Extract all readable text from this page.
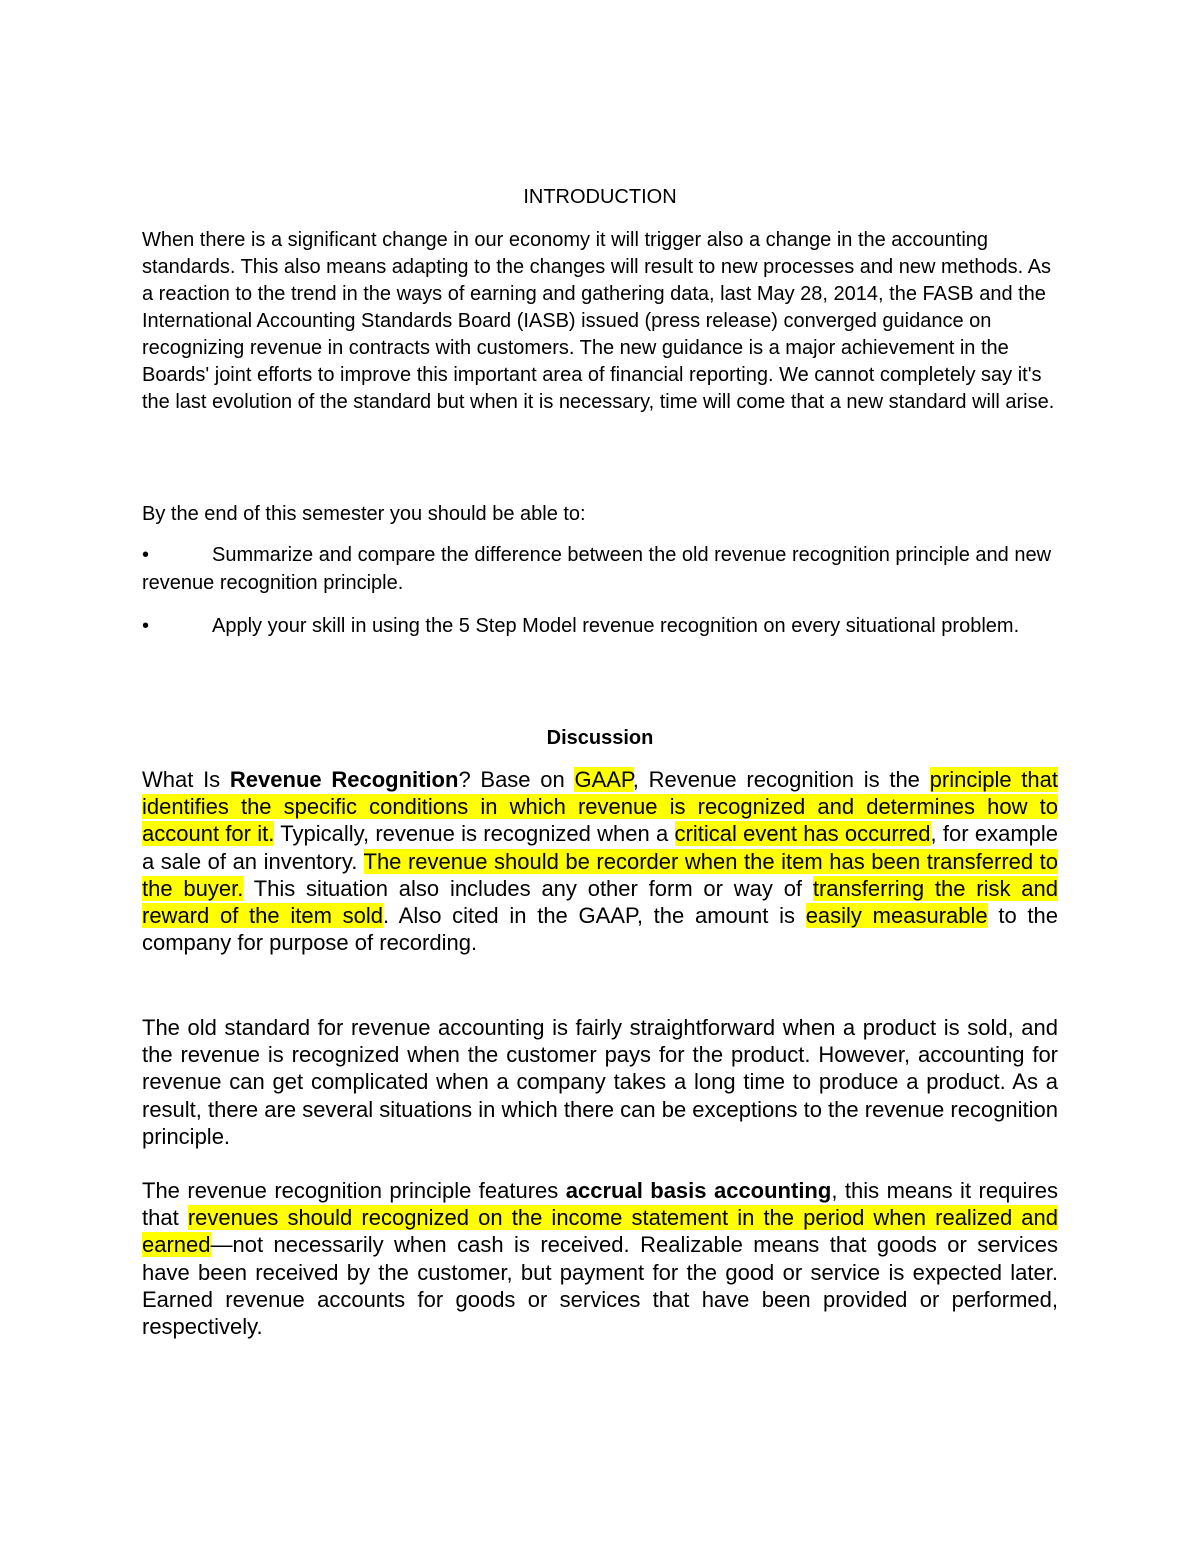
INTRODUCTION

When there is a significant change in our economy it will trigger also a change in the accounting standards. This also means adapting to the changes will result to new processes and new methods. As a reaction to the trend in the ways of earning and gathering data, last May 28, 2014, the FASB and the International Accounting Standards Board (IASB) issued (press release) converged guidance on recognizing revenue in contracts with customers. The new guidance is a major achievement in the Boards' joint efforts to improve this important area of financial reporting. We cannot completely say it's the last evolution of the standard but when it is necessary, time will come that a new standard will arise.

By the end of this semester you should be able to:

•	Summarize and compare the difference between the old revenue recognition principle and new revenue recognition principle.

•	Apply your skill in using the 5 Step Model revenue recognition on every situational problem.

Discussion

What Is Revenue Recognition? Base on GAAP, Revenue recognition is the principle that identifies the specific conditions in which revenue is recognized and determines how to account for it. Typically, revenue is recognized when a critical event has occurred, for example a sale of an inventory. The revenue should be recorder when the item has been transferred to the buyer. This situation also includes any other form or way of transferring the risk and reward of the item sold. Also cited in the GAAP, the amount is easily measurable to the company for purpose of recording.

The old standard for revenue accounting is fairly straightforward when a product is sold, and the revenue is recognized when the customer pays for the product. However, accounting for revenue can get complicated when a company takes a long time to produce a product. As a result, there are several situations in which there can be exceptions to the revenue recognition principle.

The revenue recognition principle features accrual basis accounting, this means it requires that revenues should recognized on the income statement in the period when realized and earned—not necessarily when cash is received. Realizable means that goods or services have been received by the customer, but payment for the good or service is expected later. Earned revenue accounts for goods or services that have been provided or performed, respectively.
